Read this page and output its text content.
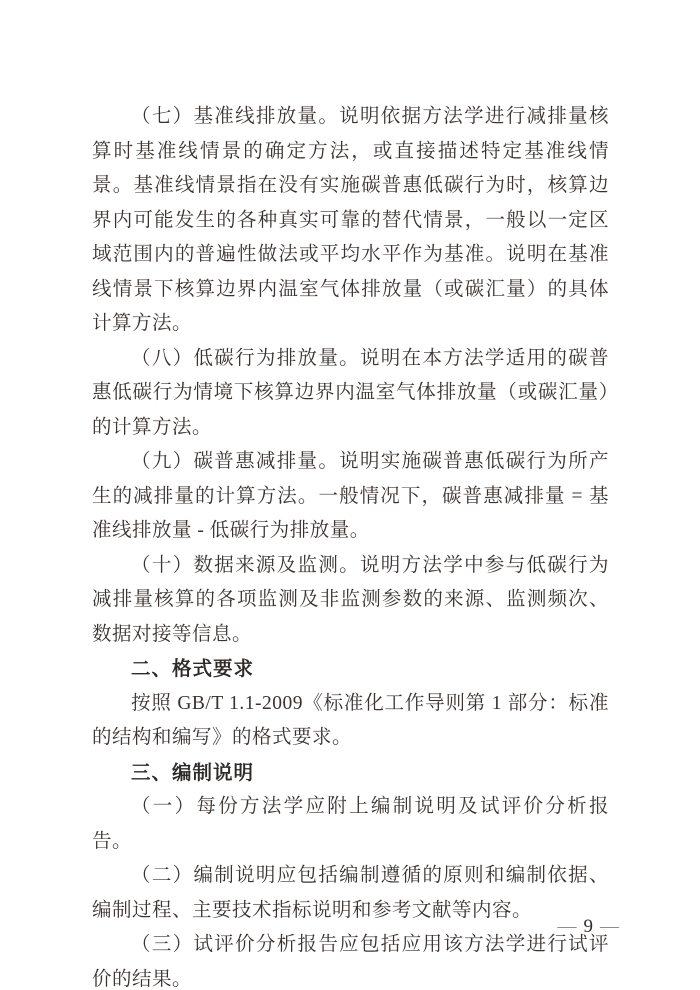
（七）基准线排放量。说明依据方法学进行减排量核算时基准线情景的确定方法，或直接描述特定基准线情景。基准线情景指在没有实施碳普惠低碳行为时，核算边界内可能发生的各种真实可靠的替代情景，一般以一定区域范围内的普遍性做法或平均水平作为基准。说明在基准线情景下核算边界内温室气体排放量（或碳汇量）的具体计算方法。

（八）低碳行为排放量。说明在本方法学适用的碳普惠低碳行为情境下核算边界内温室气体排放量（或碳汇量）的计算方法。

（九）碳普惠减排量。说明实施碳普惠低碳行为所产生的减排量的计算方法。一般情况下，碳普惠减排量 = 基准线排放量 - 低碳行为排放量。

（十）数据来源及监测。说明方法学中参与低碳行为减排量核算的各项监测及非监测参数的来源、监测频次、数据对接等信息。

二、格式要求

按照 GB/T 1.1-2009《标准化工作导则第 1 部分：标准的结构和编写》的格式要求。

三、编制说明

（一）每份方法学应附上编制说明及试评价分析报告。

（二）编制说明应包括编制遵循的原则和编制依据、编制过程、主要技术指标说明和参考文献等内容。

（三）试评价分析报告应包括应用该方法学进行试评价的结果。

— 9 —
